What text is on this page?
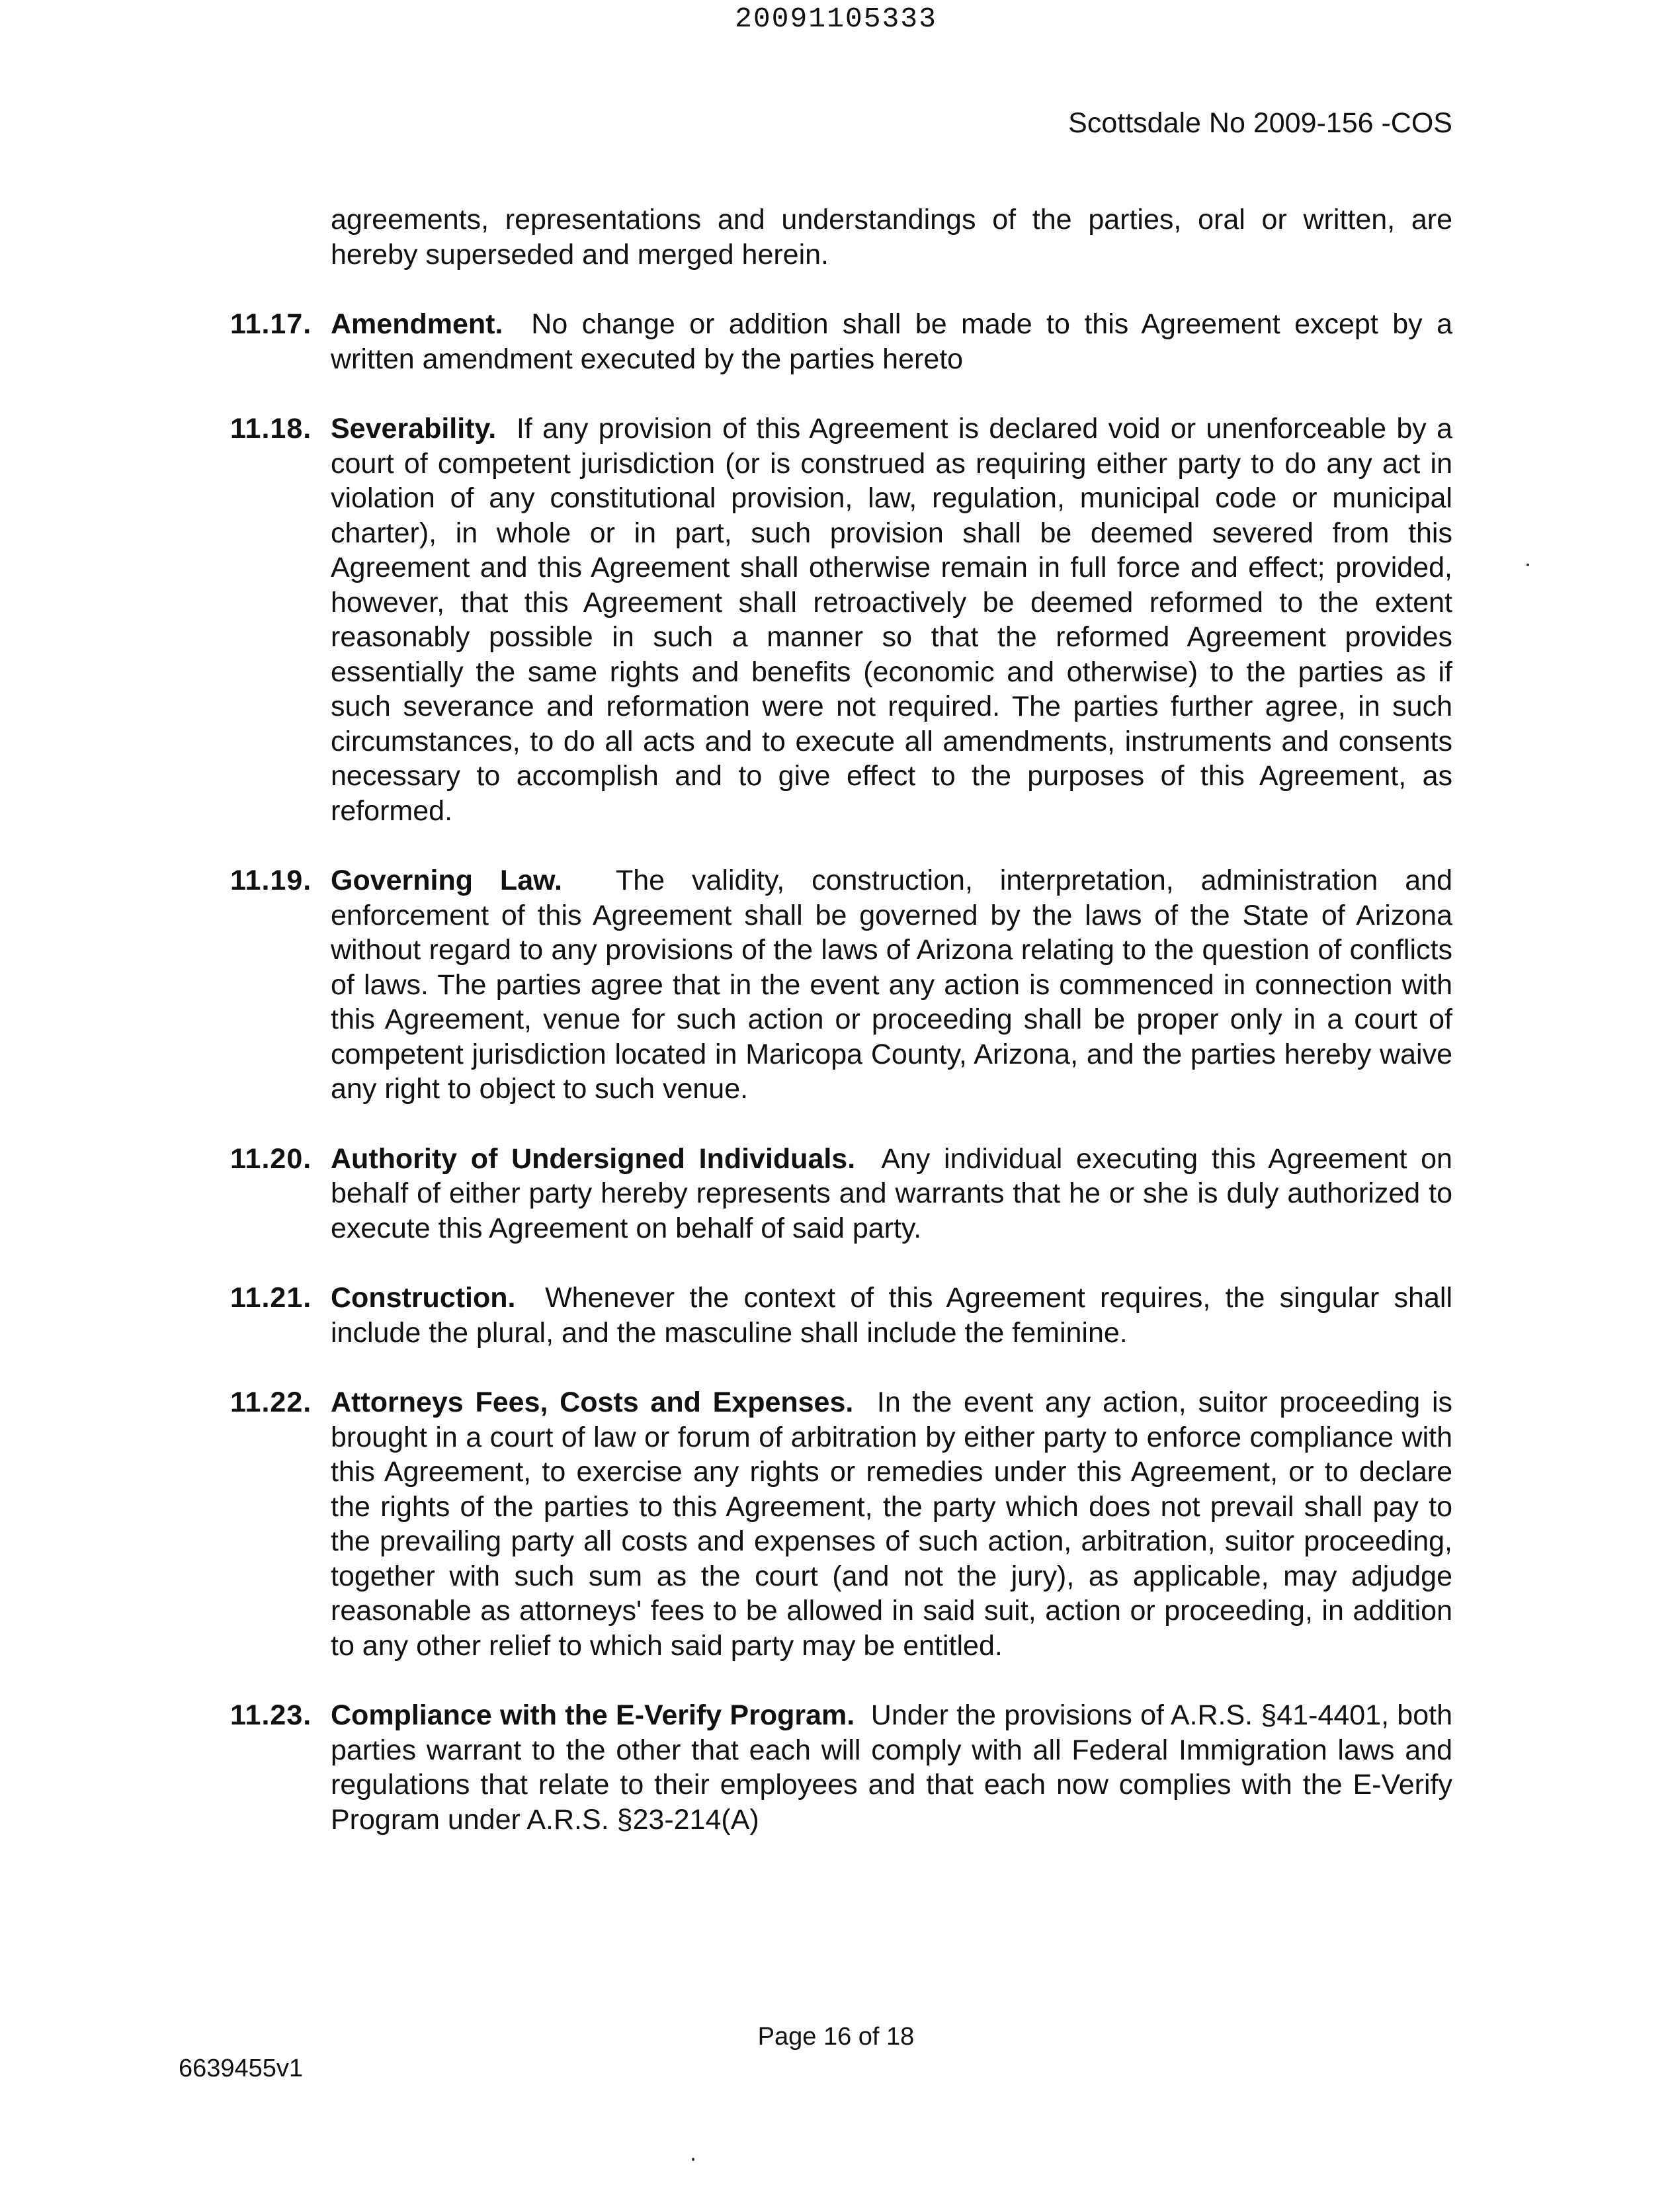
20091105333
Scottsdale No 2009-156 -COS
agreements, representations and understandings of the parties, oral or written, are hereby superseded and merged herein.
11.17. Amendment. No change or addition shall be made to this Agreement except by a written amendment executed by the parties hereto
11.18. Severability. If any provision of this Agreement is declared void or unenforceable by a court of competent jurisdiction (or is construed as requiring either party to do any act in violation of any constitutional provision, law, regulation, municipal code or municipal charter), in whole or in part, such provision shall be deemed severed from this Agreement and this Agreement shall otherwise remain in full force and effect; provided, however, that this Agreement shall retroactively be deemed reformed to the extent reasonably possible in such a manner so that the reformed Agreement provides essentially the same rights and benefits (economic and otherwise) to the parties as if such severance and reformation were not required. The parties further agree, in such circumstances, to do all acts and to execute all amendments, instruments and consents necessary to accomplish and to give effect to the purposes of this Agreement, as reformed.
11.19. Governing Law. The validity, construction, interpretation, administration and enforcement of this Agreement shall be governed by the laws of the State of Arizona without regard to any provisions of the laws of Arizona relating to the question of conflicts of laws. The parties agree that in the event any action is commenced in connection with this Agreement, venue for such action or proceeding shall be proper only in a court of competent jurisdiction located in Maricopa County, Arizona, and the parties hereby waive any right to object to such venue.
11.20. Authority of Undersigned Individuals. Any individual executing this Agreement on behalf of either party hereby represents and warrants that he or she is duly authorized to execute this Agreement on behalf of said party.
11.21. Construction. Whenever the context of this Agreement requires, the singular shall include the plural, and the masculine shall include the feminine.
11.22. Attorneys Fees, Costs and Expenses. In the event any action, suitor proceeding is brought in a court of law or forum of arbitration by either party to enforce compliance with this Agreement, to exercise any rights or remedies under this Agreement, or to declare the rights of the parties to this Agreement, the party which does not prevail shall pay to the prevailing party all costs and expenses of such action, arbitration, suitor proceeding, together with such sum as the court (and not the jury), as applicable, may adjudge reasonable as attorneys' fees to be allowed in said suit, action or proceeding, in addition to any other relief to which said party may be entitled.
11.23. Compliance with the E-Verify Program. Under the provisions of A.R.S. §41-4401, both parties warrant to the other that each will comply with all Federal Immigration laws and regulations that relate to their employees and that each now complies with the E-Verify Program under A.R.S. §23-214(A)
Page 16 of 18
6639455v1
